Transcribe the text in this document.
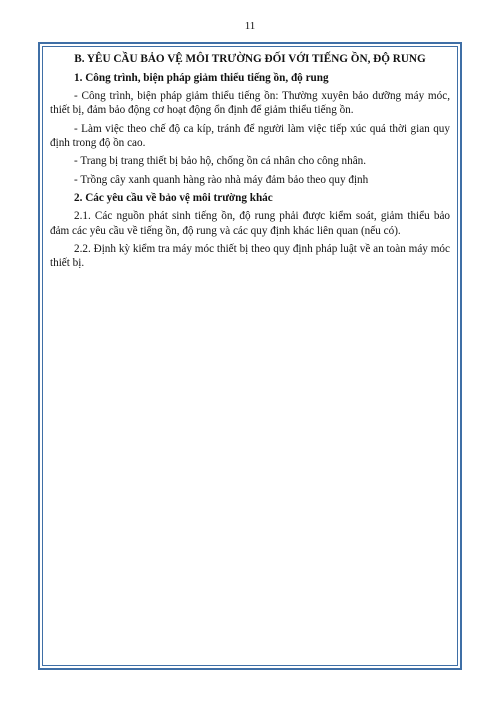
11

B. YÊU CẦU BẢO VỆ MÔI TRƯỜNG ĐỐI VỚI TIẾNG ỒN, ĐỘ RUNG

1. Công trình, biện pháp giảm thiểu tiếng ồn, độ rung

- Công trình, biện pháp giảm thiểu tiếng ồn: Thường xuyên bảo dưỡng máy móc, thiết bị, đảm bảo động cơ hoạt động ổn định để giảm thiểu tiếng ồn.

- Làm việc theo chế độ ca kíp, tránh để người làm việc tiếp xúc quá thời gian quy định trong độ ồn cao.

- Trang bị trang thiết bị bảo hộ, chống ồn cá nhân cho công nhân.

- Trồng cây xanh quanh hàng rào nhà máy đảm bảo theo quy định

2. Các yêu cầu về bảo vệ môi trường khác

2.1. Các nguồn phát sinh tiếng ồn, độ rung phải được kiểm soát, giảm thiểu bảo đảm các yêu cầu về tiếng ồn, độ rung và các quy định khác liên quan (nếu có).

2.2. Định kỳ kiểm tra máy móc thiết bị theo quy định pháp luật về an toàn máy móc thiết bị.
